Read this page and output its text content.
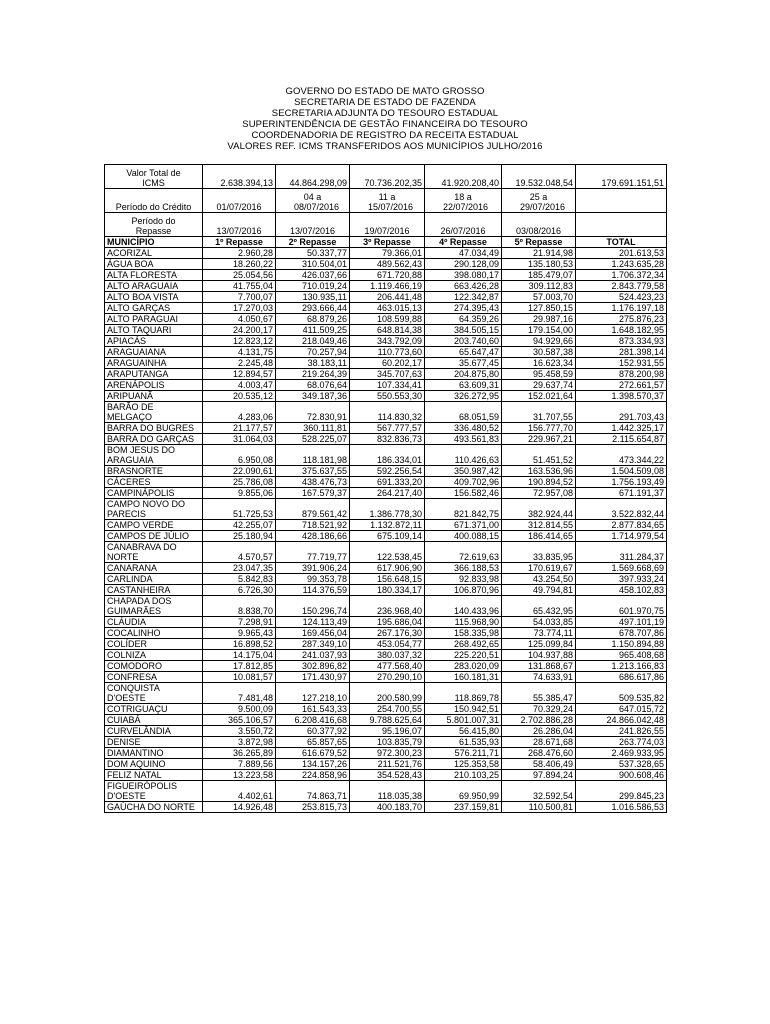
GOVERNO DO ESTADO DE MATO GROSSO
SECRETARIA DE ESTADO DE FAZENDA
SECRETARIA ADJUNTA DO TESOURO ESTADUAL
SUPERINTENDÊNCIA DE GESTÃO FINANCEIRA DO TESOURO
COORDENADORIA DE REGISTRO DA RECEITA ESTADUAL
VALORES REF. ICMS TRANSFERIDOS AOS MUNICÍPIOS JULHO/2016
Valor Total de ICMS	2.638.394,13	44.864.298,09	70.736.202,35	41.920.208,40	19.532.048,54	179.691.151,51
Período do Crédito	01/07/2016	04 a 08/07/2016	11 a 15/07/2016	18 a 22/07/2016	25 a 29/07/2016	
Período do Repasse	13/07/2016	13/07/2016	19/07/2016	26/07/2016	03/08/2016	
MUNICÍPIO	1º Repasse	2º Repasse	3º Repasse	4º Repasse	5º Repasse	TOTAL
ACORIZAL	2.960,28	50.337,77	79.366,01	47.034,49	21.914,98	201.613,53
ÁGUA BOA	18.260,22	310.504,01	489.562,43	290.128,09	135.180,53	1.243.635,28
ALTA FLORESTA	25.054,56	426.037,66	671.720,88	398.080,17	185.479,07	1.706.372,34
ALTO ARAGUAIA	41.755,04	710.019,24	1.119.466,19	663.426,28	309.112,83	2.843.779,58
ALTO BOA VISTA	7.700,07	130.935,11	206.441,48	122.342,87	57.003,70	524.423,23
ALTO GARÇAS	17.270,03	293.666,44	463.015,13	274.395,43	127.850,15	1.176.197,18
ALTO PARAGUAI	4.050,67	68.879,26	108.599,88	64.359,26	29.987,16	275.876,23
ALTO TAQUARI	24.200,17	411.509,25	648.814,38	384.505,15	179.154,00	1.648.182,95
APIACÁS	12.823,12	218.049,46	343.792,09	203.740,60	94.929,66	873.334,93
ARAGUAIANA	4.131,75	70.257,94	110.773,60	65.647,47	30.587,38	281.398,14
ARAGUAINHA	2.245,48	38.183,11	60.202,17	35.677,45	16.623,34	152.931,55
ARAPUTANGA	12.894,57	219.264,39	345.707,63	204.875,80	95.458,59	878.200,98
ARENÁPOLIS	4.003,47	68.076,64	107.334,41	63.609,31	29.637,74	272.661,57
ARIPUANÃ	20.535,12	349.187,36	550.553,30	326.272,95	152.021,64	1.398.570,37
BARÃO DE MELGAÇO	4.283,06	72.830,91	114.830,32	68.051,59	31.707,55	291.703,43
BARRA DO BUGRES	21.177,57	360.111,81	567.777,57	336.480,52	156.777,70	1.442.325,17
BARRA DO GARÇAS	31.064,03	528.225,07	832.836,73	493.561,83	229.967,21	2.115.654,87
BOM JESUS DO ARAGUAIA	6.950,08	118.181,98	186.334,01	110.426,63	51.451,52	473.344,22
BRASNORTE	22.090,61	375.637,55	592.256,54	350.987,42	163.536,96	1.504.509,08
CÁCERES	25.786,08	438.476,73	691.333,20	409.702,96	190.894,52	1.756.193,49
CAMPINÁPOLIS	9.855,06	167.579,37	264.217,40	156.582,46	72.957,08	671.191,37
CAMPO NOVO DO PARECIS	51.725,53	879.561,42	1.386.778,30	821.842,75	382.924,44	3.522.832,44
CAMPO VERDE	42.255,07	718.521,92	1.132.872,11	671.371,00	312.814,55	2.877.834,65
CAMPOS DE JÚLIO	25.180,94	428.186,66	675.109,14	400.088,15	186.414,65	1.714.979,54
CANABRAVA DO NORTE	4.570,57	77.719,77	122.538,45	72.619,63	33.835,95	311.284,37
CANARANA	23.047,35	391.906,24	617.906,90	366.188,53	170.619,67	1.569.668,69
CARLINDA	5.842,83	99.353,78	156.648,15	92.833,98	43.254,50	397.933,24
CASTANHEIRA	6.726,30	114.376,59	180.334,17	106.870,96	49.794,81	458.102,83
CHAPADA DOS GUIMARÃES	8.838,70	150.296,74	236.968,40	140.433,96	65.432,95	601.970,75
CLÁUDIA	7.298,91	124.113,49	195.686,04	115.968,90	54.033,85	497.101,19
COCALINHO	9.965,43	169.456,04	267.176,30	158.335,98	73.774,11	678.707,86
COLÍDER	16.898,52	287.349,10	453.054,77	268.492,65	125.099,84	1.150.894,88
COLNIZA	14.175,04	241.037,93	380.037,32	225.220,51	104.937,88	965.408,68
COMODORO	17.812,85	302.896,82	477.568,40	283.020,09	131.868,67	1.213.166,83
CONFRESA	10.081,57	171.430,97	270.290,10	160.181,31	74.633,91	686.617,86
CONQUISTA D'OESTE	7.481,48	127.218,10	200.580,99	118.869,78	55.385,47	509.535,82
COTRIGUAÇU	9.500,09	161.543,33	254.700,55	150.942,51	70.329,24	647.015,72
CUIABÁ	365.106,57	6.208.416,68	9.788.625,64	5.801.007,31	2.702.886,28	24.866.042,48
CURVELÂNDIA	3.550,72	60.377,92	95.196,07	56.415,80	26.286,04	241.826,55
DENISE	3.872,98	65.857,65	103.835,79	61.535,93	28.671,68	263.774,03
DIAMANTINO	36.265,89	616.679,52	972.300,23	576.211,71	268.476,60	2.469.933,95
DOM AQUINO	7.889,56	134.157,26	211.521,76	125.353,58	58.406,49	537.328,65
FELIZ NATAL	13.223,58	224.858,96	354.528,43	210.103,25	97.894,24	900.608,46
FIGUEIRÓPOLIS D'OESTE	4.402,61	74.863,71	118.035,38	69.950,99	32.592,54	299.845,23
GAÚCHA DO NORTE	14.926,48	253.815,73	400.183,70	237.159,81	110.500,81	1.016.586,53
